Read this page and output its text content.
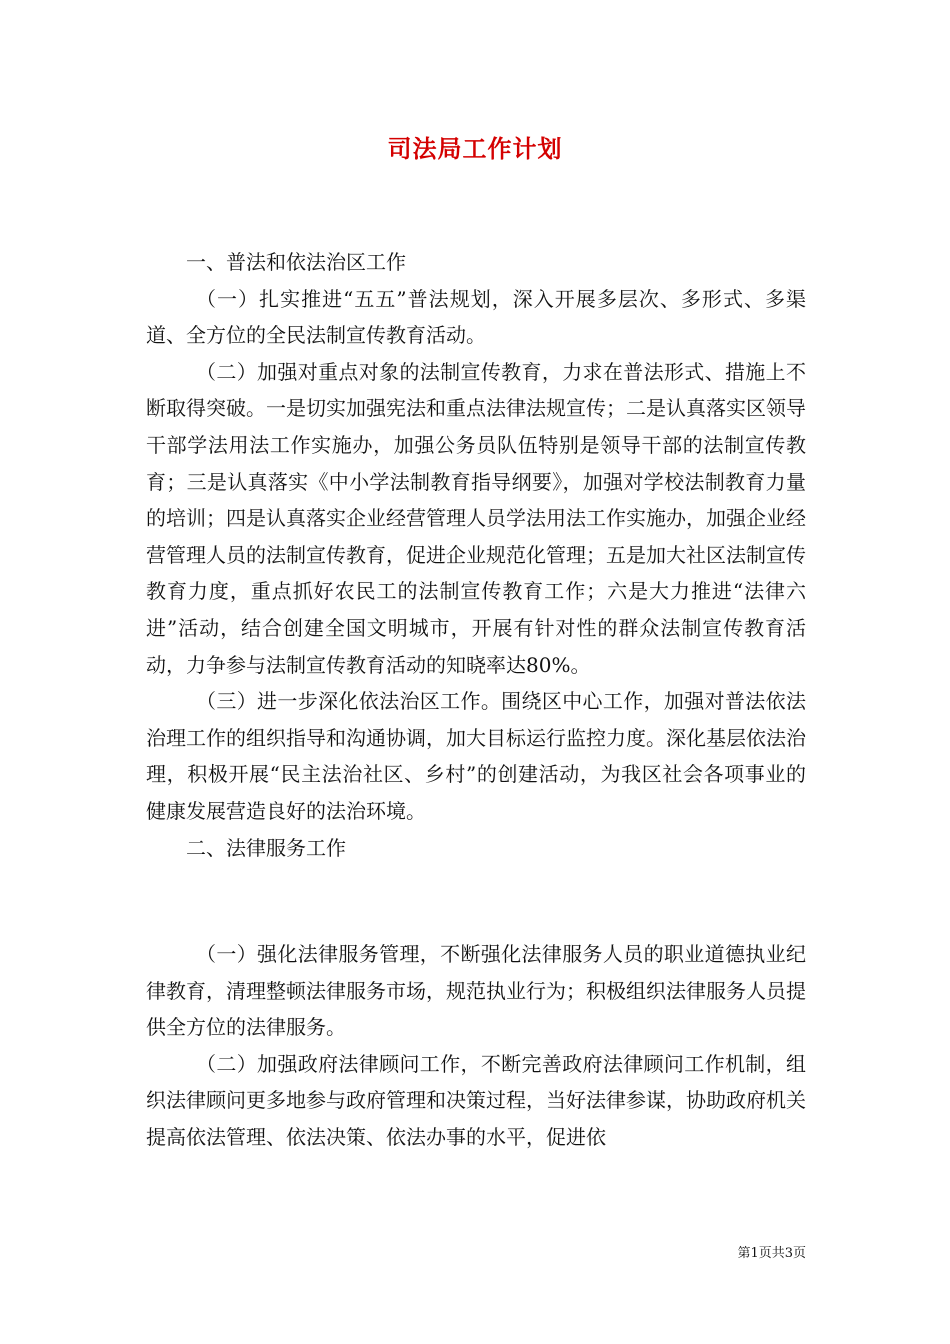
司法局工作计划

一、普法和依法治区工作

（一）扎实推进“五五”普法规划，深入开展多层次、多形式、多渠道、全方位的全民法制宣传教育活动。

（二）加强对重点对象的法制宣传教育，力求在普法形式、措施上不断取得突破。一是切实加强宪法和重点法律法规宣传；二是认真落实区领导干部学法用法工作实施办，加强公务员队伍特别是领导干部的法制宣传教育；三是认真落实《中小学法制教育指导纲要》，加强对学校法制教育力量的培训；四是认真落实企业经营管理人员学法用法工作实施办，加强企业经营管理人员的法制宣传教育，促进企业规范化管理；五是加大社区法制宣传教育力度，重点抓好农民工的法制宣传教育工作；六是大力推进“法律六进”活动，结合创建全国文明城市，开展有针对性的群众法制宣传教育活动，力争参与法制宣传教育活动的知晓率达80%。

（三）进一步深化依法治区工作。围绕区中心工作，加强对普法依法治理工作的组织指导和沟通协调，加大目标运行监控力度。深化基层依法治理，积极开展“民主法治社区、乡村”的创建活动，为我区社会各项事业的健康发展营造良好的法治环境。

二、法律服务工作

（一）强化法律服务管理，不断强化法律服务人员的职业道德执业纪律教育，清理整顿法律服务市场，规范执业行为；积极组织法律服务人员提供全方位的法律服务。

（二）加强政府法律顾问工作，不断完善政府法律顾问工作机制，组织法律顾问更多地参与政府管理和决策过程，当好法律参谋，协助政府机关提高依法管理、依法决策、依法办事的水平，促进依

第1页共3页
